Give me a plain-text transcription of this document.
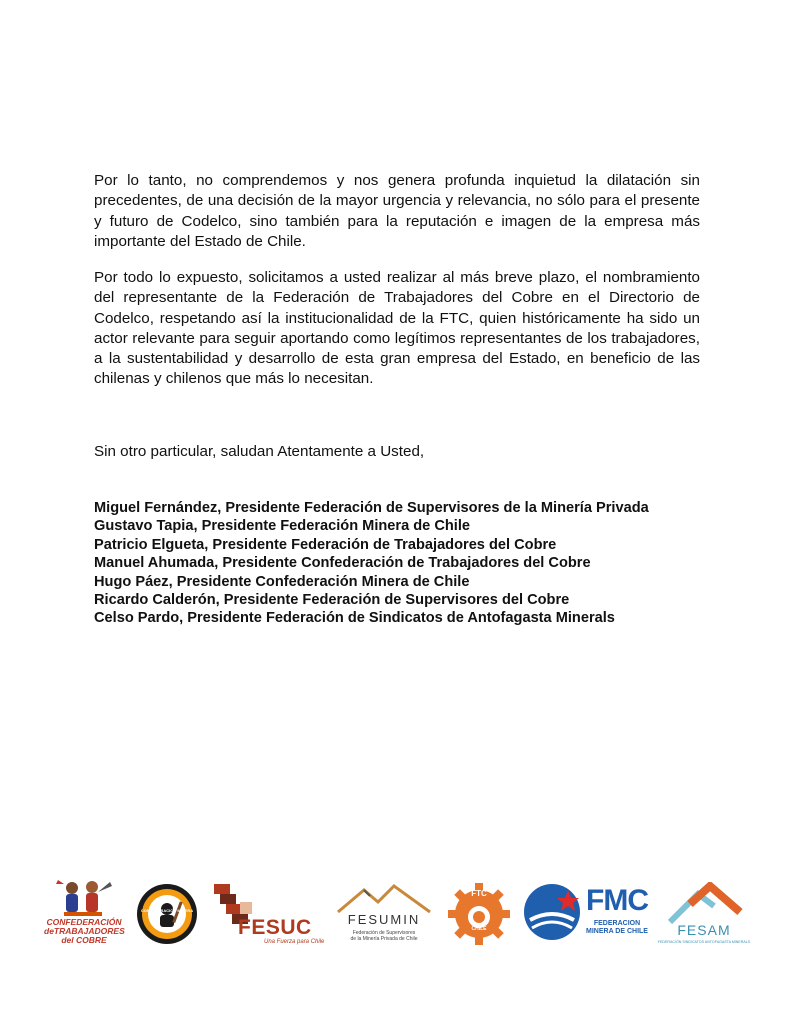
Por lo tanto, no comprendemos y nos genera profunda inquietud la dilatación sin precedentes, de una decisión de la mayor urgencia y relevancia, no sólo para el presente y futuro de Codelco, sino también para la reputación e imagen de la empresa más importante del Estado de Chile.

Por todo lo expuesto, solicitamos a usted realizar al más breve plazo, el nombramiento del representante de la Federación de Trabajadores del Cobre en el Directorio de Codelco, respetando así la institucionalidad de la FTC, quien históricamente ha sido un actor relevante para seguir aportando como legítimos representantes de los trabajadores, a la sustentabilidad y desarrollo de esta gran empresa del Estado, en beneficio de las chilenas y chilenos que más lo necesitan.

Sin otro particular, saludan Atentamente a Usted,

Miguel Fernández, Presidente Federación de Supervisores de la Minería Privada
Gustavo Tapia, Presidente Federación Minera de Chile
Patricio Elgueta, Presidente Federación de Trabajadores del Cobre
Manuel Ahumada, Presidente Confederación de Trabajadores del Cobre
Hugo Páez, Presidente Confederación Minera de Chile
Ricardo Calderón, Presidente Federación de Supervisores del Cobre
Celso Pardo, Presidente Federación de Sindicatos de Antofagasta Minerals
CONFEDERACIÓN
deTRABAJADORES
del COBRE
CONFEDERACIÓN MINERA
FESUC
Una Fuerza para Chile
FESUMIN
Federación de Supervisores
de la Minería Privada de Chile
FTC
CHILE
FMC
FEDERACION
MINERA DE CHILE	FESAM
FEDERACIÓN SINDICATOS ANTOFAGASTA MINERALS
